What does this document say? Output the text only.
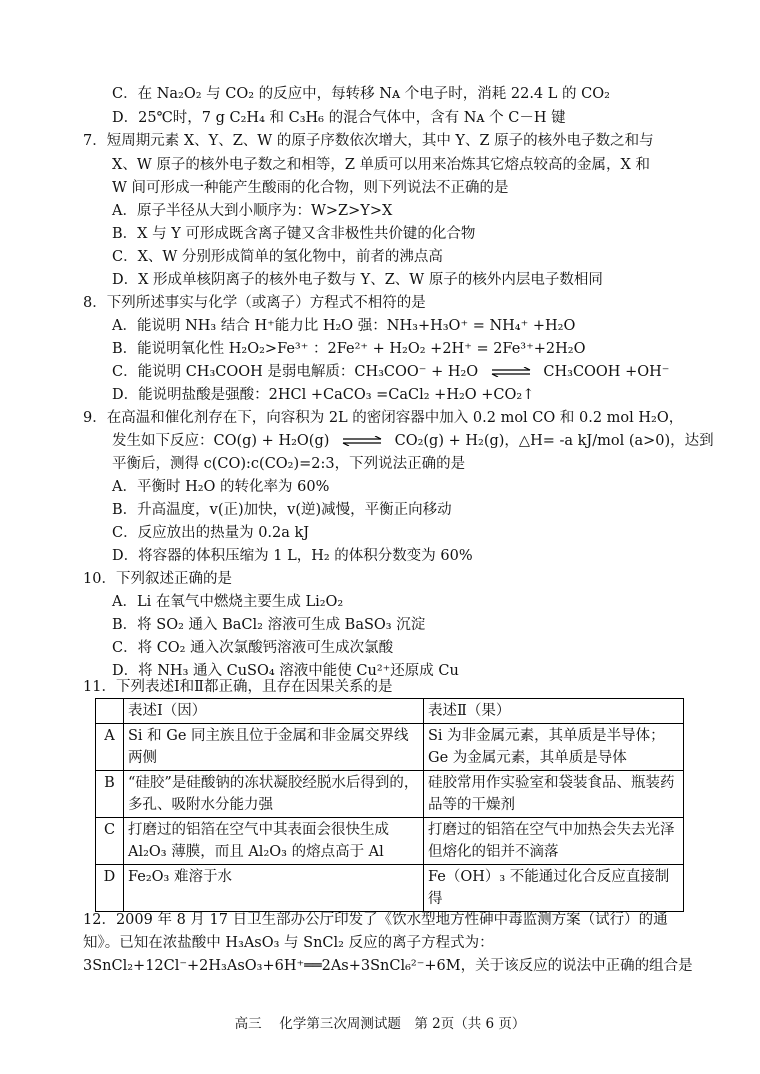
C．在 Na₂O₂ 与 CO₂ 的反应中，每转移 Nᴀ 个电子时，消耗 22.4 L 的 CO₂
D．25℃时，7 g C₂H₄ 和 C₃H₆ 的混合气体中，含有 Nᴀ 个 C－H 键
7．短周期元素 X、Y、Z、W 的原子序数依次增大，其中 Y、Z 原子的核外电子数之和与
X、W 原子的核外电子数之和相等，Z 单质可以用来冶炼其它熔点较高的金属，X 和
W 间可形成一种能产生酸雨的化合物，则下列说法不正确的是
A．原子半径从大到小顺序为：W>Z>Y>X
B．X 与 Y 可形成既含离子键又含非极性共价键的化合物
C．X、W 分别形成简单的氢化物中，前者的沸点高
D．X 形成单核阴离子的核外电子数与 Y、Z、W 原子的核外内层电子数相同
8．下列所述事实与化学（或离子）方程式不相符的是
A．能说明 NH₃ 结合 H⁺能力比 H₂O 强：NH₃+H₃O⁺ = NH₄⁺ +H₂O
B．能说明氧化性 H₂O₂>Fe³⁺ ：2Fe²⁺ + H₂O₂ +2H⁺ = 2Fe³⁺+2H₂O
C．能说明 CH₃COOH 是弱电解质：CH₃COO⁻ + H₂O ⇌ CH₃COOH +OH⁻
D．能说明盐酸是强酸：2HCl +CaCO₃ =CaCl₂ +H₂O +CO₂↑
9．在高温和催化剂存在下，向容积为 2L 的密闭容器中加入 0.2 mol CO 和 0.2 mol H₂O，
发生如下反应：CO(g) + H₂O(g) ⇌ CO₂(g) + H₂(g)，△H= -a kJ/mol (a>0)，达到
平衡后，测得 c(CO):c(CO₂)=2:3，下列说法正确的是
A．平衡时 H₂O 的转化率为 60%
B．升高温度，v(正)加快，v(逆)减慢，平衡正向移动
C．反应放出的热量为 0.2a kJ
D．将容器的体积压缩为 1 L，H₂ 的体积分数变为 60%
10．下列叙述正确的是
A．Li 在氧气中燃烧主要生成 Li₂O₂
B．将 SO₂ 通入 BaCl₂ 溶液可生成 BaSO₃ 沉淀
C．将 CO₂ 通入次氯酸钙溶液可生成次氯酸
D．将 NH₃ 通入 CuSO₄ 溶液中能使 Cu²⁺还原成 Cu
11．下列表述Ⅰ和Ⅱ都正确，且存在因果关系的是
	表述Ⅰ（因）	表述Ⅱ（果）
A	Si 和 Ge 同主族且位于金属和非金属交界线两侧	Si 为非金属元素，其单质是半导体；Ge 为金属元素，其单质是导体
B	“硅胶”是硅酸钠的冻状凝胶经脱水后得到的，多孔、吸附水分能力强	硅胶常用作实验室和袋装食品、瓶装药品等的干燥剂
C	打磨过的铝箔在空气中其表面会很快生成 Al₂O₃ 薄膜，而且 Al₂O₃ 的熔点高于 Al	打磨过的铝箔在空气中加热会失去光泽但熔化的铝并不滴落
D	Fe₂O₃ 难溶于水	Fe（OH）₃ 不能通过化合反应直接制得
12．2009 年 8 月 17 日卫生部办公厅印发了《饮水型地方性砷中毒监测方案（试行）的通
知》。已知在浓盐酸中 H₃AsO₃ 与 SnCl₂ 反应的离子方程式为：
3SnCl₂+12Cl⁻+2H₃AsO₃+6H⁺══2As+3SnCl₆²⁻+6M，关于该反应的说法中正确的组合是
高三　 化学第三次周测试题　第 2页（共 6 页）
